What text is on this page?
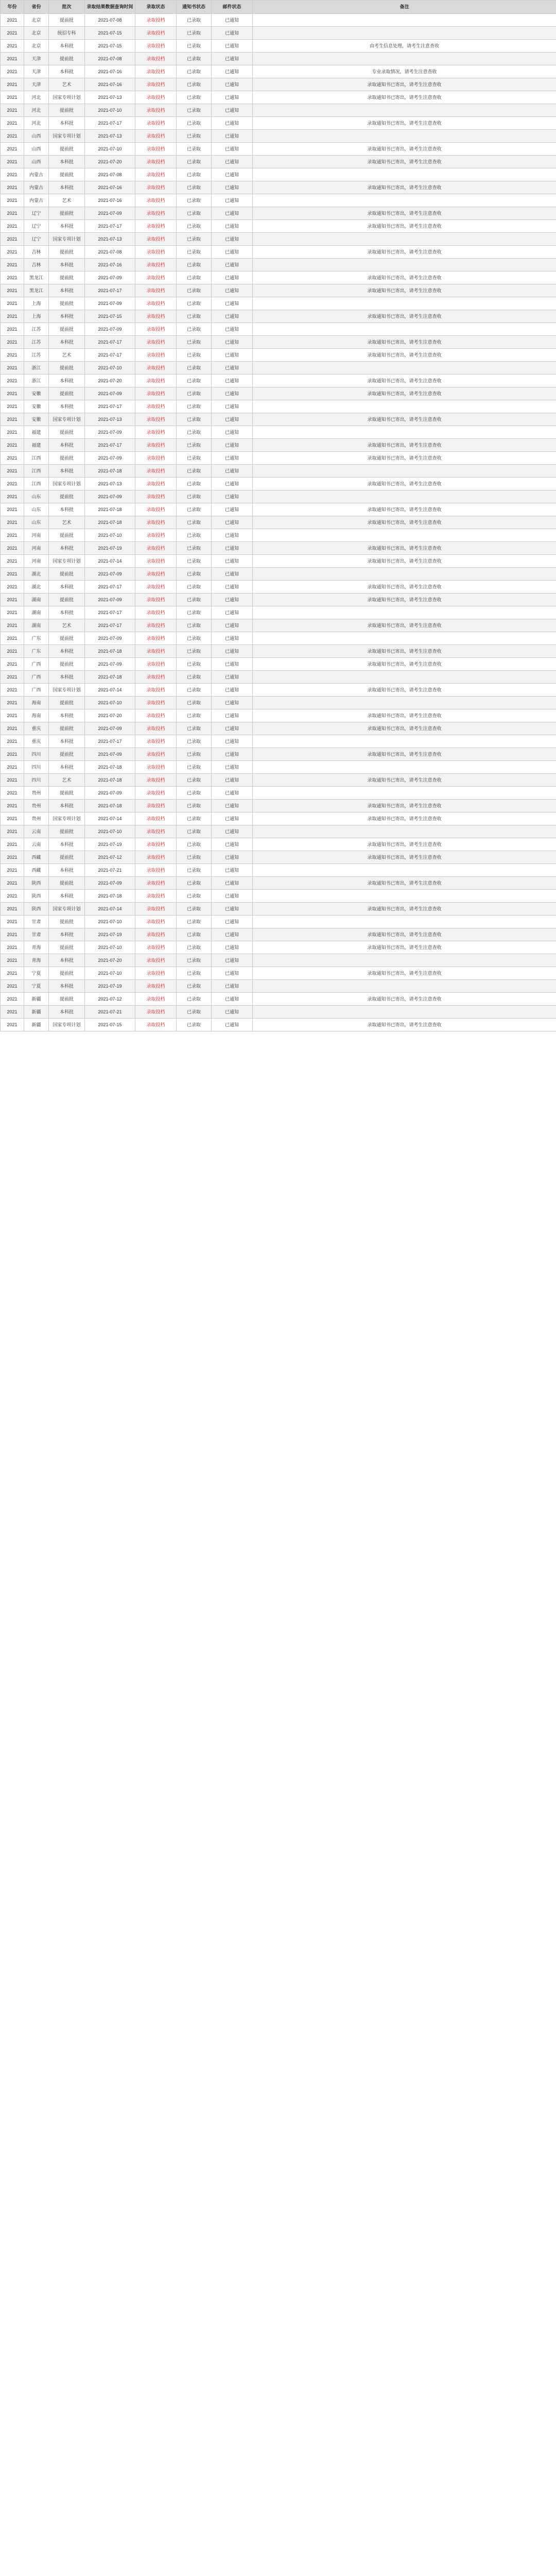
年份	省份	批次	录取结果数据查询时间	录取状态	通知书状态	邮件状态	备注
2021	北京	提前批	2021-07-08	录取投档	已录取	已通知	
2021	北京	统招专科	2021-07-15	录取投档	已录取	已通知	
2021	北京	本科批	2021-07-15	录取投档	已录取	已通知	由考生信息处理，请考生注意查收
2021	天津	提前批	2021-07-08	录取投档	已录取	已通知	
2021	天津	本科批	2021-07-16	录取投档	已录取	已通知	专业录取情况，请考生注意查收
2021	天津	艺术	2021-07-16	录取投档	已录取	已通知	录取通知书已寄出，请考生注意查收
2021	河北	国家专项计划	2021-07-13	录取投档	已录取	已通知	录取通知书已寄出，请考生注意查收
2021	河北	提前批	2021-07-10	录取投档	已录取	已通知	
2021	河北	本科批	2021-07-17	录取投档	已录取	已通知	录取通知书已寄出，请考生注意查收
2021	山西	国家专项计划	2021-07-13	录取投档	已录取	已通知	
2021	山西	提前批	2021-07-10	录取投档	已录取	已通知	录取通知书已寄出，请考生注意查收
2021	山西	本科批	2021-07-20	录取投档	已录取	已通知	录取通知书已寄出，请考生注意查收
2021	内蒙古	提前批	2021-07-08	录取投档	已录取	已通知	
2021	内蒙古	本科批	2021-07-16	录取投档	已录取	已通知	录取通知书已寄出，请考生注意查收
2021	内蒙古	艺术	2021-07-16	录取投档	已录取	已通知	
2021	辽宁	提前批	2021-07-09	录取投档	已录取	已通知	录取通知书已寄出，请考生注意查收
2021	辽宁	本科批	2021-07-17	录取投档	已录取	已通知	录取通知书已寄出，请考生注意查收
2021	辽宁	国家专项计划	2021-07-13	录取投档	已录取	已通知	
2021	吉林	提前批	2021-07-08	录取投档	已录取	已通知	录取通知书已寄出，请考生注意查收
2021	吉林	本科批	2021-07-16	录取投档	已录取	已通知	
2021	黑龙江	提前批	2021-07-09	录取投档	已录取	已通知	录取通知书已寄出，请考生注意查收
2021	黑龙江	本科批	2021-07-17	录取投档	已录取	已通知	录取通知书已寄出，请考生注意查收
2021	上海	提前批	2021-07-09	录取投档	已录取	已通知	
2021	上海	本科批	2021-07-15	录取投档	已录取	已通知	录取通知书已寄出，请考生注意查收
2021	江苏	提前批	2021-07-09	录取投档	已录取	已通知	
2021	江苏	本科批	2021-07-17	录取投档	已录取	已通知	录取通知书已寄出，请考生注意查收
2021	江苏	艺术	2021-07-17	录取投档	已录取	已通知	录取通知书已寄出，请考生注意查收
2021	浙江	提前批	2021-07-10	录取投档	已录取	已通知	
2021	浙江	本科批	2021-07-20	录取投档	已录取	已通知	录取通知书已寄出，请考生注意查收
2021	安徽	提前批	2021-07-09	录取投档	已录取	已通知	录取通知书已寄出，请考生注意查收
2021	安徽	本科批	2021-07-17	录取投档	已录取	已通知	
2021	安徽	国家专项计划	2021-07-13	录取投档	已录取	已通知	录取通知书已寄出，请考生注意查收
2021	福建	提前批	2021-07-09	录取投档	已录取	已通知	
2021	福建	本科批	2021-07-17	录取投档	已录取	已通知	录取通知书已寄出，请考生注意查收
2021	江西	提前批	2021-07-09	录取投档	已录取	已通知	录取通知书已寄出，请考生注意查收
2021	江西	本科批	2021-07-18	录取投档	已录取	已通知	
2021	江西	国家专项计划	2021-07-13	录取投档	已录取	已通知	录取通知书已寄出，请考生注意查收
2021	山东	提前批	2021-07-09	录取投档	已录取	已通知	
2021	山东	本科批	2021-07-18	录取投档	已录取	已通知	录取通知书已寄出，请考生注意查收
2021	山东	艺术	2021-07-18	录取投档	已录取	已通知	录取通知书已寄出，请考生注意查收
2021	河南	提前批	2021-07-10	录取投档	已录取	已通知	
2021	河南	本科批	2021-07-19	录取投档	已录取	已通知	录取通知书已寄出，请考生注意查收
2021	河南	国家专项计划	2021-07-14	录取投档	已录取	已通知	录取通知书已寄出，请考生注意查收
2021	湖北	提前批	2021-07-09	录取投档	已录取	已通知	
2021	湖北	本科批	2021-07-17	录取投档	已录取	已通知	录取通知书已寄出，请考生注意查收
2021	湖南	提前批	2021-07-09	录取投档	已录取	已通知	录取通知书已寄出，请考生注意查收
2021	湖南	本科批	2021-07-17	录取投档	已录取	已通知	
2021	湖南	艺术	2021-07-17	录取投档	已录取	已通知	录取通知书已寄出，请考生注意查收
2021	广东	提前批	2021-07-09	录取投档	已录取	已通知	
2021	广东	本科批	2021-07-18	录取投档	已录取	已通知	录取通知书已寄出，请考生注意查收
2021	广西	提前批	2021-07-09	录取投档	已录取	已通知	录取通知书已寄出，请考生注意查收
2021	广西	本科批	2021-07-18	录取投档	已录取	已通知	
2021	广西	国家专项计划	2021-07-14	录取投档	已录取	已通知	录取通知书已寄出，请考生注意查收
2021	海南	提前批	2021-07-10	录取投档	已录取	已通知	
2021	海南	本科批	2021-07-20	录取投档	已录取	已通知	录取通知书已寄出，请考生注意查收
2021	重庆	提前批	2021-07-09	录取投档	已录取	已通知	录取通知书已寄出，请考生注意查收
2021	重庆	本科批	2021-07-17	录取投档	已录取	已通知	
2021	四川	提前批	2021-07-09	录取投档	已录取	已通知	录取通知书已寄出，请考生注意查收
2021	四川	本科批	2021-07-18	录取投档	已录取	已通知	
2021	四川	艺术	2021-07-18	录取投档	已录取	已通知	录取通知书已寄出，请考生注意查收
2021	贵州	提前批	2021-07-09	录取投档	已录取	已通知	
2021	贵州	本科批	2021-07-18	录取投档	已录取	已通知	录取通知书已寄出，请考生注意查收
2021	贵州	国家专项计划	2021-07-14	录取投档	已录取	已通知	录取通知书已寄出，请考生注意查收
2021	云南	提前批	2021-07-10	录取投档	已录取	已通知	
2021	云南	本科批	2021-07-19	录取投档	已录取	已通知	录取通知书已寄出，请考生注意查收
2021	西藏	提前批	2021-07-12	录取投档	已录取	已通知	录取通知书已寄出，请考生注意查收
2021	西藏	本科批	2021-07-21	录取投档	已录取	已通知	
2021	陕西	提前批	2021-07-09	录取投档	已录取	已通知	录取通知书已寄出，请考生注意查收
2021	陕西	本科批	2021-07-18	录取投档	已录取	已通知	
2021	陕西	国家专项计划	2021-07-14	录取投档	已录取	已通知	录取通知书已寄出，请考生注意查收
2021	甘肃	提前批	2021-07-10	录取投档	已录取	已通知	
2021	甘肃	本科批	2021-07-19	录取投档	已录取	已通知	录取通知书已寄出，请考生注意查收
2021	青海	提前批	2021-07-10	录取投档	已录取	已通知	录取通知书已寄出，请考生注意查收
2021	青海	本科批	2021-07-20	录取投档	已录取	已通知	
2021	宁夏	提前批	2021-07-10	录取投档	已录取	已通知	录取通知书已寄出，请考生注意查收
2021	宁夏	本科批	2021-07-19	录取投档	已录取	已通知	
2021	新疆	提前批	2021-07-12	录取投档	已录取	已通知	录取通知书已寄出，请考生注意查收
2021	新疆	本科批	2021-07-21	录取投档	已录取	已通知	
2021	新疆	国家专项计划	2021-07-15	录取投档	已录取	已通知	录取通知书已寄出，请考生注意查收
